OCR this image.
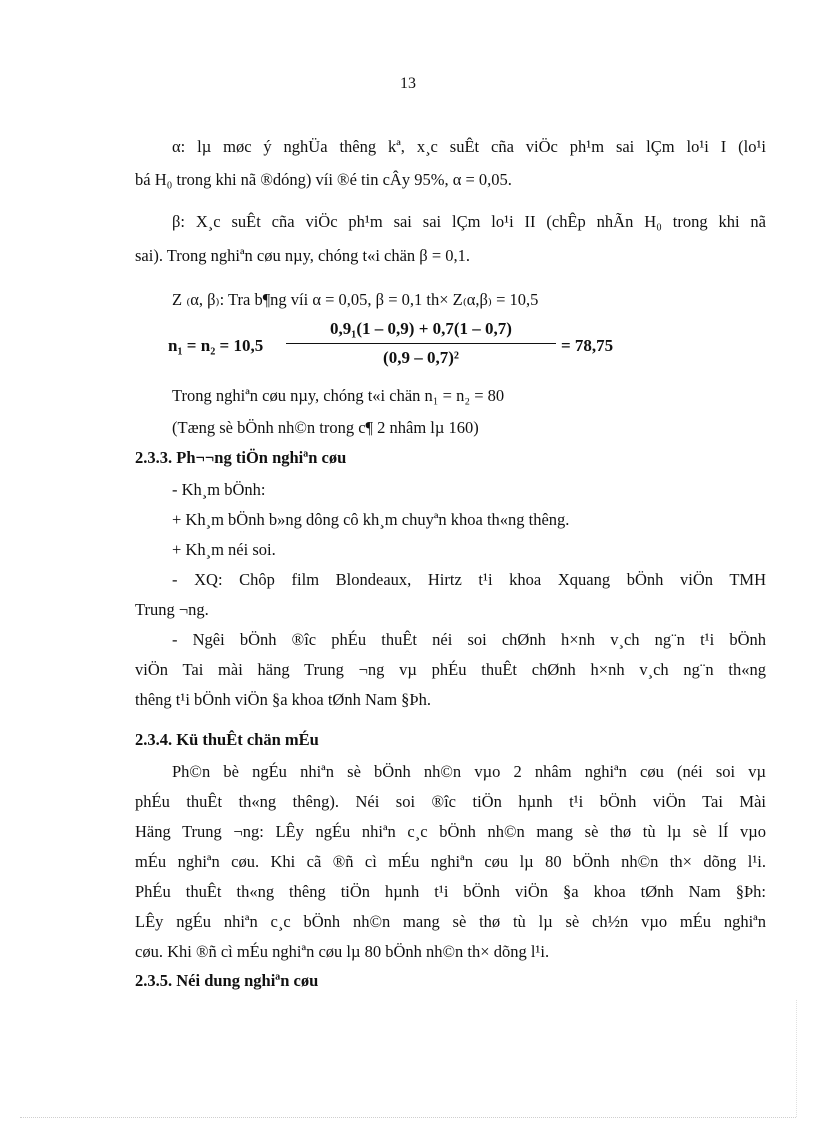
13
α: lµ møc ý nghÜa thêng kª, x¸c suÊt cña viÖc ph¹m sai lÇm lo¹i I (lo¹i
bá H₀ trong khi nã ®dóng) víi ®é tin cÂy 95%, α = 0,05.
β: X¸c suÊt cña viÖc ph¹m sai sai lÇm lo¹i II (chÊp nhÃn H₀ trong khi nã
sai). Trong nghiªn cøu nµy, chóng t«i chän β = 0,1.
Z ₍α, β₎: Tra b¶ng víi α = 0,05, β = 0,1 th× Z₍α,β₎ = 10,5
n₁ = n₂ = 10,5
0,9₁(1 – 0,9) + 0,7(1 – 0,7)
(0,9 – 0,7)²
= 78,75
Trong nghiªn cøu nµy, chóng t«i chän n₁ = n₂ = 80
(Tæng sè bÖnh nh©n trong c¶ 2 nhâm lµ 160)
2.3.3. Ph¬¬ng tiÖn nghiªn cøu
- Kh¸m bÖnh:
+ Kh¸m bÖnh b»ng dông cô kh¸m chuyªn khoa th«ng thêng.
+ Kh¸m néi soi.
- XQ: Chôp film Blondeaux, Hirtz t¹i khoa Xquang bÖnh viÖn TMH
Trung ¬ng.
- Ngêi bÖnh ®îc phÉu thuÊt néi soi chØnh h×nh v¸ch ng¨n t¹i bÖnh
viÖn Tai mài häng Trung ¬ng vµ phÉu thuÊt chØnh h×nh v¸ch ng¨n th«ng
thêng t¹i bÖnh viÖn §a khoa tØnh Nam §Þh.
2.3.4. Kü thuÊt chän mÉu
Ph©n bè ngÉu nhiªn sè bÖnh nh©n vµo 2 nhâm nghiªn cøu (néi soi vµ
phÉu thuÊt th«ng thêng). Néi soi ®îc tiÖn hµnh t¹i bÖnh viÖn Tai Mài
Häng Trung ¬ng: LÊy ngÉu nhiªn c¸c bÖnh nh©n mang sè thø tù lµ sè lÍ vµo
mÉu nghiªn cøu. Khi cã ®ñ cì mÉu nghiªn cøu lµ 80 bÖnh nh©n th× dõng l¹i.
PhÉu thuÊt th«ng thêng tiÖn hµnh t¹i bÖnh viÖn §a khoa tØnh Nam §Þh:
LÊy ngÉu nhiªn c¸c bÖnh nh©n mang sè thø tù lµ sè ch½n vµo mÉu nghiªn
cøu. Khi ®ñ cì mÉu nghiªn cøu lµ 80 bÖnh nh©n th× dõng l¹i.
2.3.5. Néi dung nghiªn cøu
